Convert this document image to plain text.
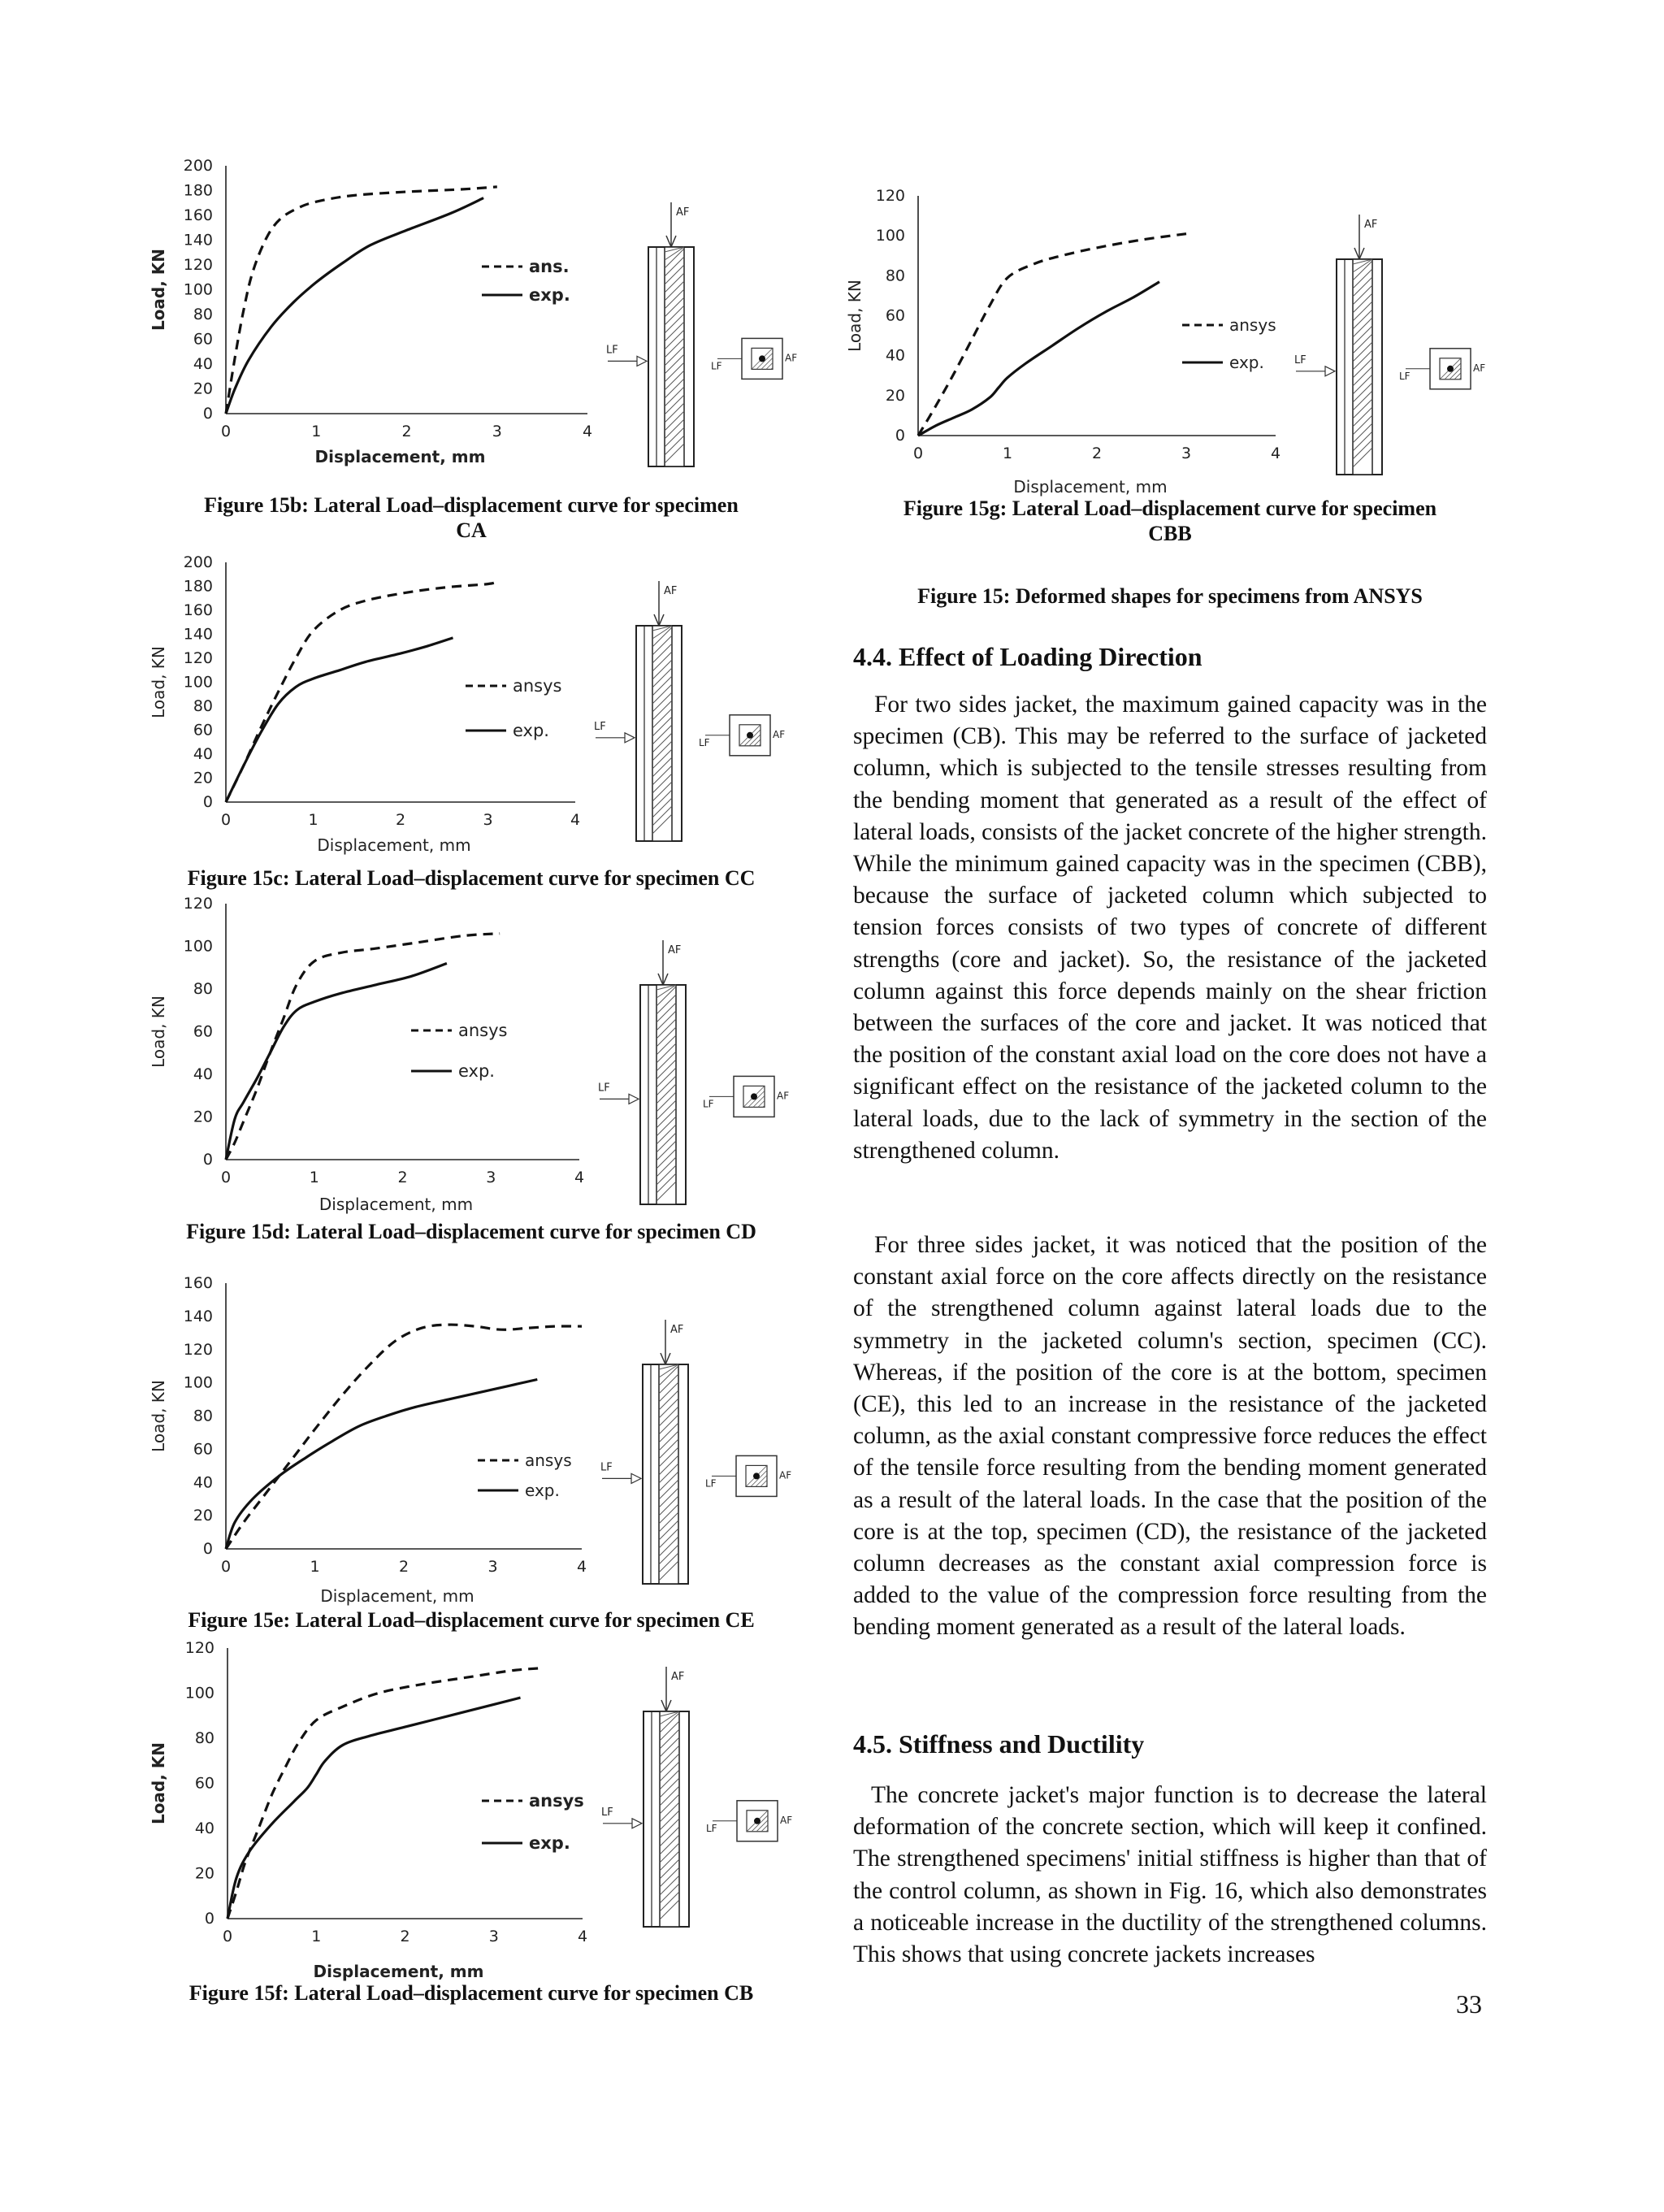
0
20
40
60
80
100
120
140
160
180
200
0	1	2	3	4
Displacement, mm
Load, KN	ans.
exp.
AF
LF
LF
AF
Figure 15b: Lateral Load–displacement curve for specimen
CA
0
20
40
60
80
100
120
140
160
180
200
0	1	2	3	4
Displacement, mm
Load, KN	ansys
exp.
AF
LF
LF
AF
Figure 15c: Lateral Load–displacement curve for specimen CC
0
20
40
60
80
100
120
0	1	2	3	4
Displacement, mm
Load, KN	ansys
exp.
AF
LF
LF
AF
Figure 15d: Lateral Load–displacement curve for specimen CD
0
20
40
60
80
100
120
140
160
0	1	2	3	4
Displacement, mm
Load, KN
ansys
exp.
AF
LF
LF
AF
Figure 15e: Lateral Load–displacement curve for specimen CE
0
20
40
60
80
100
120
0	1	2	3	4
Displacement, mm
Load, KN	ansys
exp.
AF
LF
LF
AF
Figure 15f: Lateral Load–displacement curve for specimen CB
0
20
40
60
80
100
120
0	1	2	3	4
Displacement, mm
Load, KN	ansys
exp.
AF
LF
LF
AF
Figure 15g: Lateral Load–displacement curve for specimen
CBB
Figure 15: Deformed shapes for specimens from ANSYS
4.4. Effect of Loading Direction

For two sides jacket, the maximum gained capacity was in the specimen (CB). This may be referred to the surface of jacketed column, which is subjected to the tensile stresses resulting from the bending moment that generated as a result of the effect of lateral loads, consists of the jacket concrete of the higher strength. While the minimum gained capacity was in the specimen (CBB), because the surface of jacketed column which subjected to tension forces consists of two types of concrete of different strengths (core and jacket). So, the resistance of the jacketed column against this force depends mainly on the shear friction between the surfaces of the core and jacket. It was noticed that the position of the constant axial load on the core does not have a significant effect on the resistance of the jacketed column to the lateral loads, due to the lack of symmetry in the section of the strengthened column.

For three sides jacket, it was noticed that the position of the constant axial force on the core affects directly on the resistance of the strengthened column against lateral loads due to the symmetry in the jacketed column's section, specimen (CC). Whereas, if the position of the core is at the bottom, specimen (CE), this led to an increase in the resistance of the jacketed column, as the axial constant compressive force reduces the effect of the tensile force resulting from the bending moment generated as a result of the lateral loads. In the case that the position of the core is at the top, specimen (CD), the resistance of the jacketed column decreases as the constant axial compression force is added to the value of the compression force resulting from the bending moment generated as a result of the lateral loads.

4.5. Stiffness and Ductility

The concrete jacket's major function is to decrease the lateral deformation of the concrete section, which will keep it confined. The strengthened specimens' initial stiffness is higher than that of the control column, as shown in Fig. 16, which also demonstrates a noticeable increase in the ductility of the strengthened columns. This shows that using concrete jackets increases

33
